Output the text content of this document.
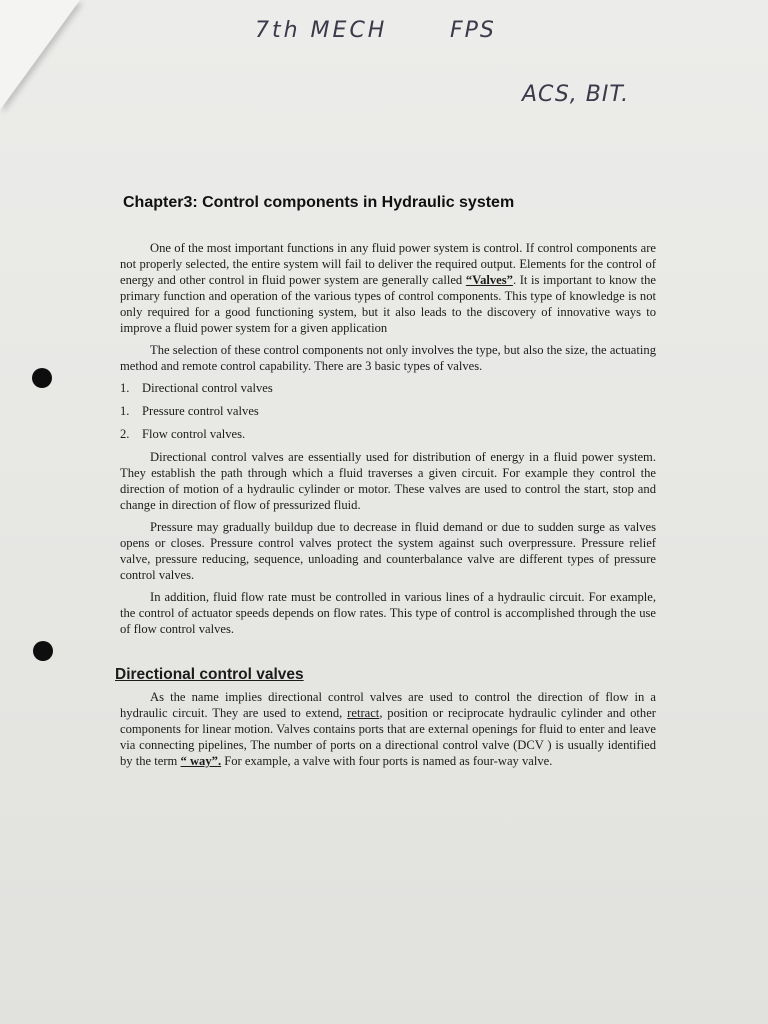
7th MECH	FPS
ACS, BIT.
Chapter3: Control components in Hydraulic system

One of the most important functions in any fluid power system is control. If control components are not properly selected, the entire system will fail to deliver the required output. Elements for the control of energy and other control in fluid power system are generally called “Valves”. It is important to know the primary function and operation of the various types of control components. This type of knowledge is not only required for a good functioning system, but it also leads to the discovery of innovative ways to improve a fluid power system for a given application

The selection of these control components not only involves the type, but also the size, the actuating method and remote control capability. There are 3 basic types of valves.

1. Directional control valves
1. Pressure control valves
2. Flow control valves.

Directional control valves are essentially used for distribution of energy in a fluid power system. They establish the path through which a fluid traverses a given circuit. For example they control the direction of motion of a hydraulic cylinder or motor. These valves are used to control the start, stop and change in direction of flow of pressurized fluid.

Pressure may gradually buildup due to decrease in fluid demand or due to sudden surge as valves opens or closes. Pressure control valves protect the system against such overpressure. Pressure relief valve, pressure reducing, sequence, unloading and counterbalance valve are different types of pressure control valves.

In addition, fluid flow rate must be controlled in various lines of a hydraulic circuit. For example, the control of actuator speeds depends on flow rates. This type of control is accomplished through the use of flow control valves.

Directional control valves

As the name implies directional control valves are used to control the direction of flow in a hydraulic circuit. They are used to extend, retract, position or reciprocate hydraulic cylinder and other components for linear motion. Valves contains ports that are external openings for fluid to enter and leave via connecting pipelines, The number of ports on a directional control valve (DCV ) is usually identified by the term “ way”. For example, a valve with four ports is named as four-way valve.
